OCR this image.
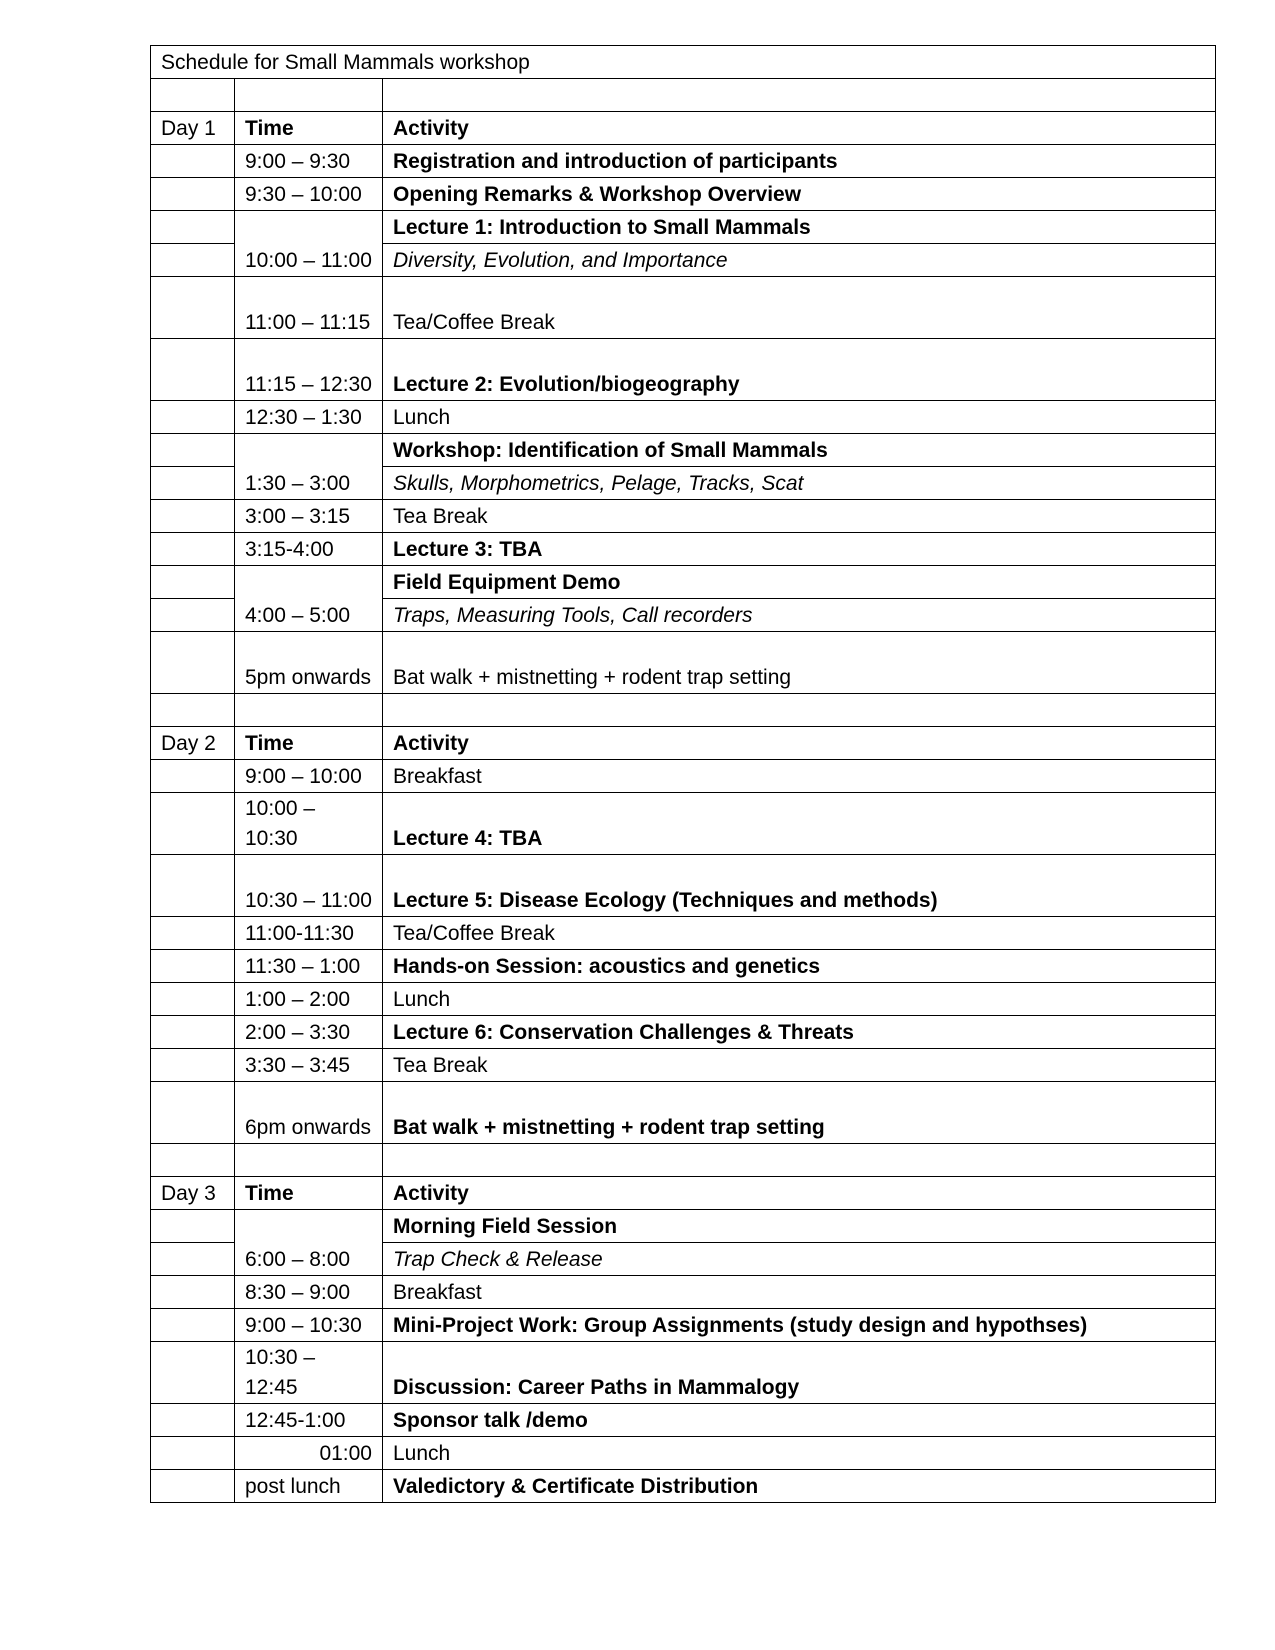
Schedule for Small Mammals workshop		

Day 1	Time	Activity
	9:00 – 9:30	Registration and introduction of participants
	9:30 – 10:00	Opening Remarks & Workshop Overview
	10:00 – 11:00	Lecture 1: Introduction to Small Mammals
		Diversity, Evolution, and Importance
	11:00 – 11:15	Tea/Coffee Break
	11:15 – 12:30	Lecture 2: Evolution/biogeography
	12:30 – 1:30	Lunch
	1:30 – 3:00	Workshop: Identification of Small Mammals
		Skulls, Morphometrics, Pelage, Tracks, Scat
	3:00 – 3:15	Tea Break
	3:15-4:00	Lecture 3: TBA
	4:00 – 5:00	Field Equipment Demo
		Traps, Measuring Tools, Call recorders
	5pm onwards	Bat walk + mistnetting + rodent trap setting

Day 2	Time	Activity
	9:00 – 10:00	Breakfast
	10:00 – 10:30	Lecture 4: TBA
	10:30 – 11:00	Lecture 5: Disease Ecology (Techniques and methods)
	11:00-11:30	Tea/Coffee Break
	11:30 – 1:00	Hands-on Session: acoustics and genetics
	1:00 – 2:00	Lunch
	2:00 – 3:30	Lecture 6: Conservation Challenges & Threats
	3:30 – 3:45	Tea Break
	6pm onwards	Bat walk + mistnetting + rodent trap setting

Day 3	Time	Activity
	6:00 – 8:00	Morning Field Session
		Trap Check & Release
	8:30 – 9:00	Breakfast
	9:00 – 10:30	Mini-Project Work: Group Assignments (study design and hypothses)
	10:30 – 12:45	Discussion: Career Paths in Mammalogy
	12:45-1:00	Sponsor talk /demo
	01:00	Lunch
	post lunch	Valedictory & Certificate Distribution
